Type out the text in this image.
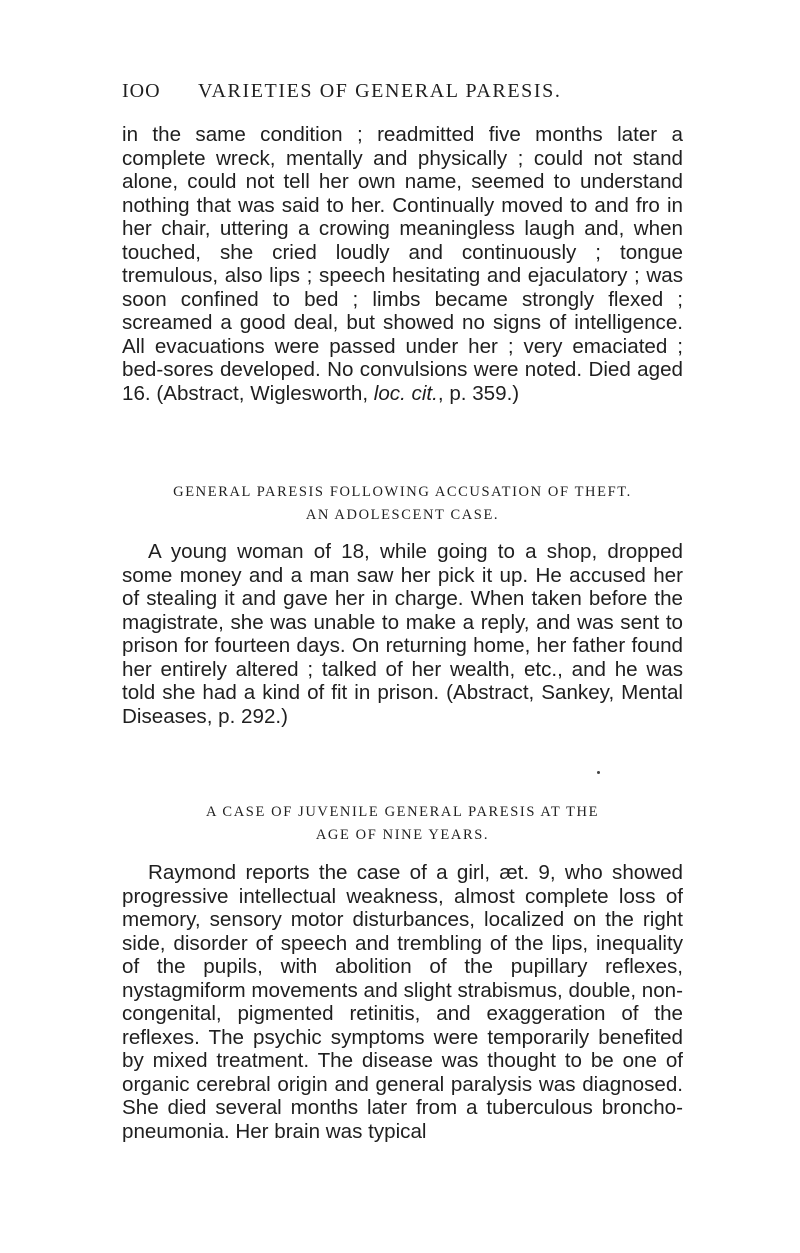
IOO VARIETIES OF GENERAL PARESIS.

in the same condition ; readmitted five months later a complete wreck, mentally and physically ; could not stand alone, could not tell her own name, seemed to understand nothing that was said to her. Continually moved to and fro in her chair, uttering a crowing meaningless laugh and, when touched, she cried loudly and continuously ; tongue tremulous, also lips ; speech hesitating and ejaculatory ; was soon confined to bed ; limbs became strongly flexed ; screamed a good deal, but showed no signs of intelligence. All evacuations were passed under her ; very emaciated ; bed-sores developed. No convulsions were noted. Died aged 16. (Abstract, Wiglesworth, loc. cit., p. 359.)

GENERAL PARESIS FOLLOWING ACCUSATION OF THEFT.
AN ADOLESCENT CASE.

A young woman of 18, while going to a shop, dropped some money and a man saw her pick it up. He accused her of stealing it and gave her in charge. When taken before the magistrate, she was unable to make a reply, and was sent to prison for fourteen days. On returning home, her father found her entirely altered ; talked of her wealth, etc., and he was told she had a kind of fit in prison. (Abstract, Sankey, Mental Diseases, p. 292.)

A CASE OF JUVENILE GENERAL PARESIS AT THE
AGE OF NINE YEARS.

Raymond reports the case of a girl, æt. 9, who showed progressive intellectual weakness, almost complete loss of memory, sensory motor disturbances, localized on the right side, disorder of speech and trembling of the lips, inequality of the pupils, with abolition of the pupillary reflexes, nystagmiform movements and slight strabismus, double, non-congenital, pigmented retinitis, and exaggeration of the reflexes. The psychic symptoms were temporarily benefited by mixed treatment. The disease was thought to be one of organic cerebral origin and general paralysis was diagnosed. She died several months later from a tuberculous broncho-pneumonia. Her brain was typical
